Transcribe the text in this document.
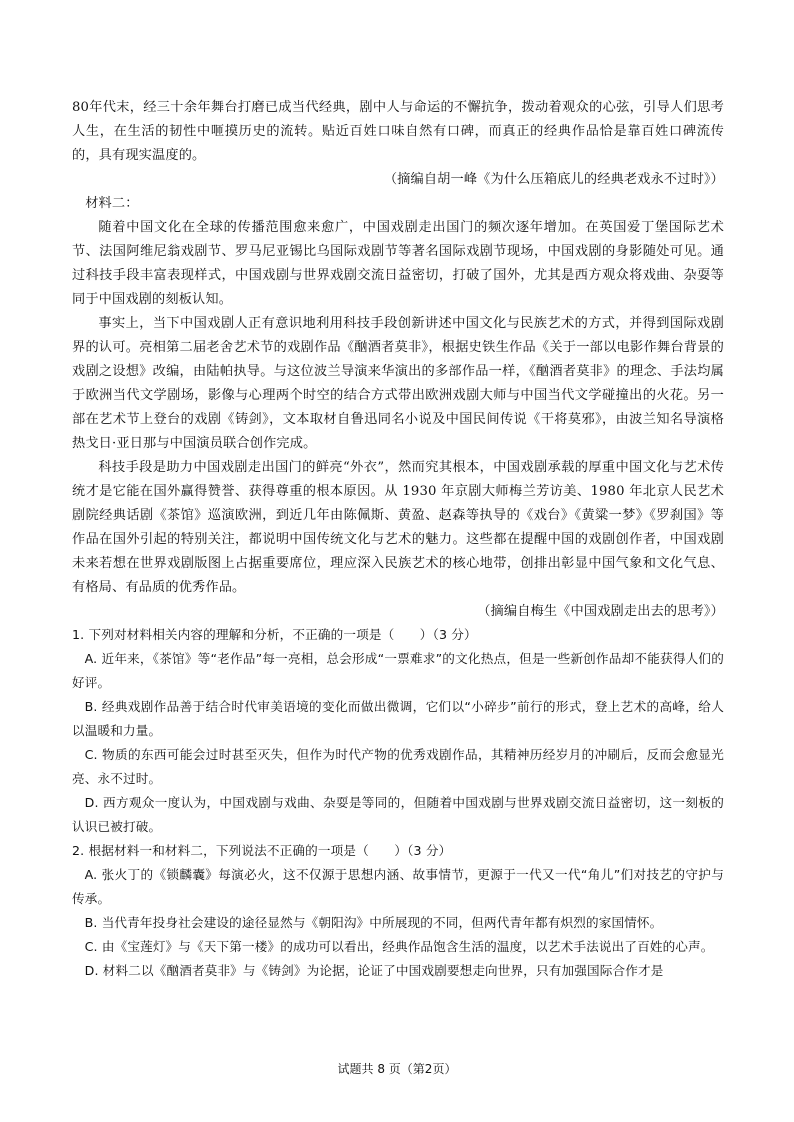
80年代末，经三十余年舞台打磨已成当代经典，剧中人与命运的不懈抗争，拨动着观众的心弦，引导人们思考人生，在生活的韧性中咂摸历史的流转。贴近百姓口味自然有口碑，而真正的经典作品恰是靠百姓口碑流传的，具有现实温度的。

（摘编自胡一峰《为什么压箱底儿的经典老戏永不过时》）

材料二：

随着中国文化在全球的传播范围愈来愈广，中国戏剧走出国门的频次逐年增加。在英国爱丁堡国际艺术节、法国阿维尼翁戏剧节、罗马尼亚锡比乌国际戏剧节等著名国际戏剧节现场，中国戏剧的身影随处可见。通过科技手段丰富表现样式，中国戏剧与世界戏剧交流日益密切，打破了国外，尤其是西方观众将戏曲、杂耍等同于中国戏剧的刻板认知。

事实上，当下中国戏剧人正有意识地利用科技手段创新讲述中国文化与民族艺术的方式，并得到国际戏剧界的认可。亮相第二届老舍艺术节的戏剧作品《酗酒者莫非》，根据史铁生作品《关于一部以电影作舞台背景的戏剧之设想》改编，由陆帕执导。与这位波兰导演来华演出的多部作品一样，《酗酒者莫非》的理念、手法均属于欧洲当代文学剧场，影像与心理两个时空的结合方式带出欧洲戏剧大师与中国当代文学碰撞出的火花。另一部在艺术节上登台的戏剧《铸剑》，文本取材自鲁迅同名小说及中国民间传说《干将莫邪》，由波兰知名导演格热戈日·亚日那与中国演员联合创作完成。

科技手段是助力中国戏剧走出国门的鲜亮“外衣”，然而究其根本，中国戏剧承载的厚重中国文化与艺术传统才是它能在国外赢得赞誉、获得尊重的根本原因。从 1930 年京剧大师梅兰芳访美、1980 年北京人民艺术剧院经典话剧《茶馆》巡演欧洲，到近几年由陈佩斯、黄盈、赵森等执导的《戏台》《黄粱一梦》《罗刹国》等作品在国外引起的特别关注，都说明中国传统文化与艺术的魅力。这些都在提醒中国的戏剧创作者，中国戏剧未来若想在世界戏剧版图上占据重要席位，理应深入民族艺术的核心地带，创排出彰显中国气象和文化气息、有格局、有品质的优秀作品。

（摘编自梅生《中国戏剧走出去的思考》）

1. 下列对材料相关内容的理解和分析，不正确的一项是（　　）（3 分）

A. 近年来，《茶馆》等“老作品”每一亮相，总会形成“一票难求”的文化热点，但是一些新创作品却不能获得人们的好评。

B. 经典戏剧作品善于结合时代审美语境的变化而做出微调，它们以“小碎步”前行的形式，登上艺术的高峰，给人以温暖和力量。

C. 物质的东西可能会过时甚至灭失，但作为时代产物的优秀戏剧作品，其精神历经岁月的冲刷后，反而会愈显光亮、永不过时。

D. 西方观众一度认为，中国戏剧与戏曲、杂耍是等同的，但随着中国戏剧与世界戏剧交流日益密切，这一刻板的认识已被打破。

2. 根据材料一和材料二，下列说法不正确的一项是（　　）（3 分）

A. 张火丁的《锁麟囊》每演必火，这不仅源于思想内涵、故事情节，更源于一代又一代“角儿”们对技艺的守护与传承。

B. 当代青年投身社会建设的途径显然与《朝阳沟》中所展现的不同，但两代青年都有炽烈的家国情怀。

C. 由《宝莲灯》与《天下第一楼》的成功可以看出，经典作品饱含生活的温度，以艺术手法说出了百姓的心声。

D. 材料二以《酗酒者莫非》与《铸剑》为论据，论证了中国戏剧要想走向世界，只有加强国际合作才是

试题共 8 页（第2页）
